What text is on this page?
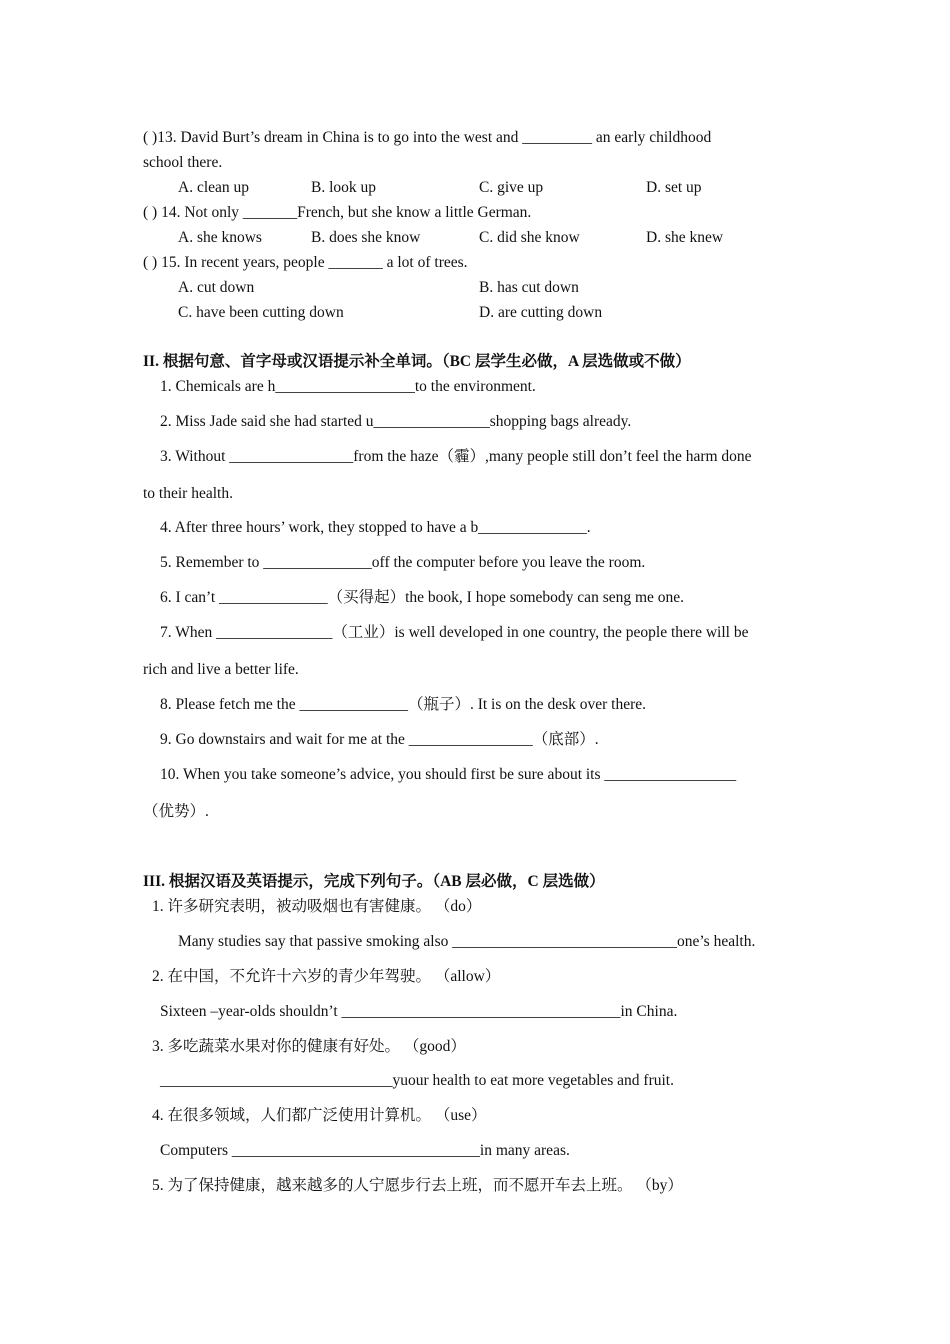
( )13. David Burt’s dream in China is to go into the west and _________ an early childhood
school there.
A. clean up	B. look up	C. give up	D. set up
( ) 14. Not only _______French, but she know a little German.
A. she knows	B. does she know	C. did she know	D. she knew
( ) 15. In recent years, people _______ a lot of trees.
A. cut down	B. has cut down
C. have been cutting down	D. are cutting down
II. 根据句意、首字母或汉语提示补全单词。（BC 层学生必做，A 层选做或不做）
1. Chemicals are h__________________to the environment.
2. Miss Jade said she had started u_______________shopping bags already.
3. Without ________________from the haze（霾）,many people still don’t feel the harm done
to their health.
4. After three hours’ work, they stopped to have a b______________.
5. Remember to ______________off the computer before you leave the room.
6. I can’t ______________（买得起）the book, I hope somebody can seng me one.
7. When _______________（工业）is well developed in one country, the people there will be
rich and live a better life.
8. Please fetch me the ______________（瓶子）. It is on the desk over there.
9. Go downstairs and wait for me at the ________________（底部）.
10. When you take someone’s advice, you should first be sure about its _________________
（优势）.
III. 根据汉语及英语提示，完成下列句子。（AB 层必做，C 层选做）
1. 许多研究表明，被动吸烟也有害健康。 （do）
Many studies say that passive smoking also _____________________________one’s health.
2. 在中国，不允许十六岁的青少年驾驶。 （allow）
Sixteen –year-olds shouldn’t ____________________________________in China.
3. 多吃蔬菜水果对你的健康有好处。 （good）
______________________________yuour health to eat more vegetables and fruit.
4. 在很多领域，人们都广泛使用计算机。 （use）
Computers ________________________________in many areas.
5. 为了保持健康，越来越多的人宁愿步行去上班，而不愿开车去上班。 （by）
